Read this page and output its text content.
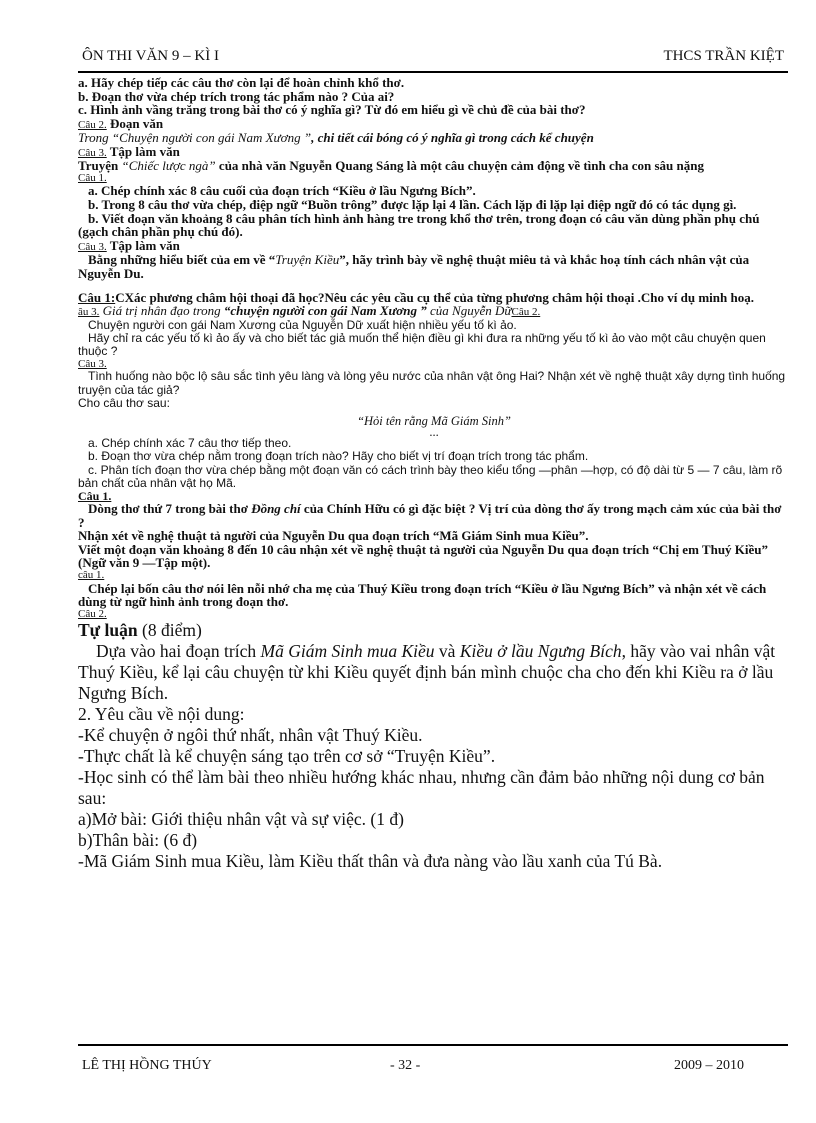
ÔN THI VĂN 9 – KÌ I	THCS TRẦN KIỆT

a. Hãy chép tiếp các câu thơ còn lại để hoàn chỉnh khổ thơ.

b. Đoạn thơ vừa chép trích trong tác phẩm nào ? Của ai?

c. Hình ảnh vầng trăng trong bài thơ có ý nghĩa gì? Từ đó em hiểu gì về chủ đề của bài thơ?

Câu 2. Đoạn văn

Trong “Chuyện người con gái Nam Xương ”, chi tiết cái bóng có ý nghĩa gì trong cách kể chuyện

Câu 3. Tập làm văn

Truyện “Chiếc lược ngà” của nhà văn Nguyễn Quang Sáng là một câu chuyện cảm động về tình cha con sâu nặng

Câu 1.

a. Chép chính xác 8 câu cuối của đoạn trích “Kiều ở lầu Ngưng Bích”.

b. Trong 8 câu thơ vừa chép, điệp ngữ “Buồn trông” được lặp lại 4 lần. Cách lặp đi lặp lại điệp ngữ đó có tác dụng gì.

b. Viết đoạn văn khoảng 8 câu phân tích hình ảnh hàng tre trong khổ thơ trên, trong đoạn có câu văn dùng phần phụ chú (gạch chân phần phụ chú đó).

Câu 3. Tập làm văn

Bằng những hiểu biết của em về “Truyện Kiều”, hãy trình bày về nghệ thuật miêu tả và khắc hoạ tính cách nhân vật của Nguyễn Du.

Câu 1:CXác phương châm hội thoại đã học?Nêu các yêu cầu cụ thể của từng phương châm hội thoại .Cho ví dụ minh hoạ.

âu 3. Giá trị nhân đạo trong “chuyện người con gái Nam Xương ” của Nguyễn DữCâu 2.

Chuyện người con gái Nam Xương của Nguyễn Dữ xuất hiện nhiều yếu tố kì ảo.

Hãy chỉ ra các yếu tố kì ảo ấy và cho biết tác giả muốn thể hiện điều gì khi đưa ra những yếu tố kì ảo vào một câu chuyện quen thuộc ?

Câu 3.

Tình huống nào bộc lộ sâu sắc tình yêu làng và lòng yêu nước của nhân vật ông Hai? Nhận xét về nghệ thuật xây dựng tình huống truyện của tác giả?

Cho câu thơ sau:

“Hỏi tên rằng Mã Giám Sinh”

...

a. Chép chính xác 7 câu thơ tiếp theo.

b. Đoạn thơ vừa chép nằm trong đoạn trích nào? Hãy cho biết vị trí đoạn trích trong tác phẩm.

c. Phân tích đoạn thơ vừa chép bằng một đoạn văn có cách trình bày theo kiểu tổng —phân —hợp, có độ dài từ 5 — 7 câu, làm rõ bản chất của nhân vật họ Mã.

Câu 1.

Dòng thơ thứ 7 trong bài thơ Đồng chí của Chính Hữu có gì đặc biệt ? Vị trí của dòng thơ ấy trong mạch cảm xúc của bài thơ ?

Nhận xét về nghệ thuật tả người của Nguyễn Du qua đoạn trích “Mã Giám Sinh mua Kiều”.

Viết một đoạn văn khoảng 8 đến 10 câu nhận xét về nghệ thuật tả người của Nguyễn Du qua đoạn trích “Chị em Thuý Kiều” (Ngữ văn 9 —Tập một).

câu 1.

Chép lại bốn câu thơ nói lên nỗi nhớ cha mẹ của Thuý Kiều trong đoạn trích “Kiều ở lầu Ngưng Bích” và nhận xét về cách dùng từ ngữ hình ảnh trong đoạn thơ.

Câu 2.

Tự luận (8 điểm)

Dựa vào hai đoạn trích Mã Giám Sinh mua Kiều và Kiều ở lầu Ngưng Bích, hãy vào vai nhân vật Thuý Kiều, kể lại câu chuyện từ khi Kiều quyết định bán mình chuộc cha cho đến khi Kiều ra ở lầu Ngưng Bích.

2. Yêu cầu về nội dung:

-Kể chuyện ở ngôi thứ nhất, nhân vật Thuý Kiều.

-Thực chất là kể chuyện sáng tạo trên cơ sở “Truyện Kiều”.

-Học sinh có thể làm bài theo nhiều hướng khác nhau, nhưng cần đảm bảo những nội dung cơ bản sau:

a)Mở bài: Giới thiệu nhân vật và sự việc. (1 đ)

b)Thân bài: (6 đ)

-Mã Giám Sinh mua Kiều, làm Kiều thất thân và đưa nàng vào lầu xanh của Tú Bà.

LÊ THỊ HỒNG THÚY	- 32 -	2009 – 2010
